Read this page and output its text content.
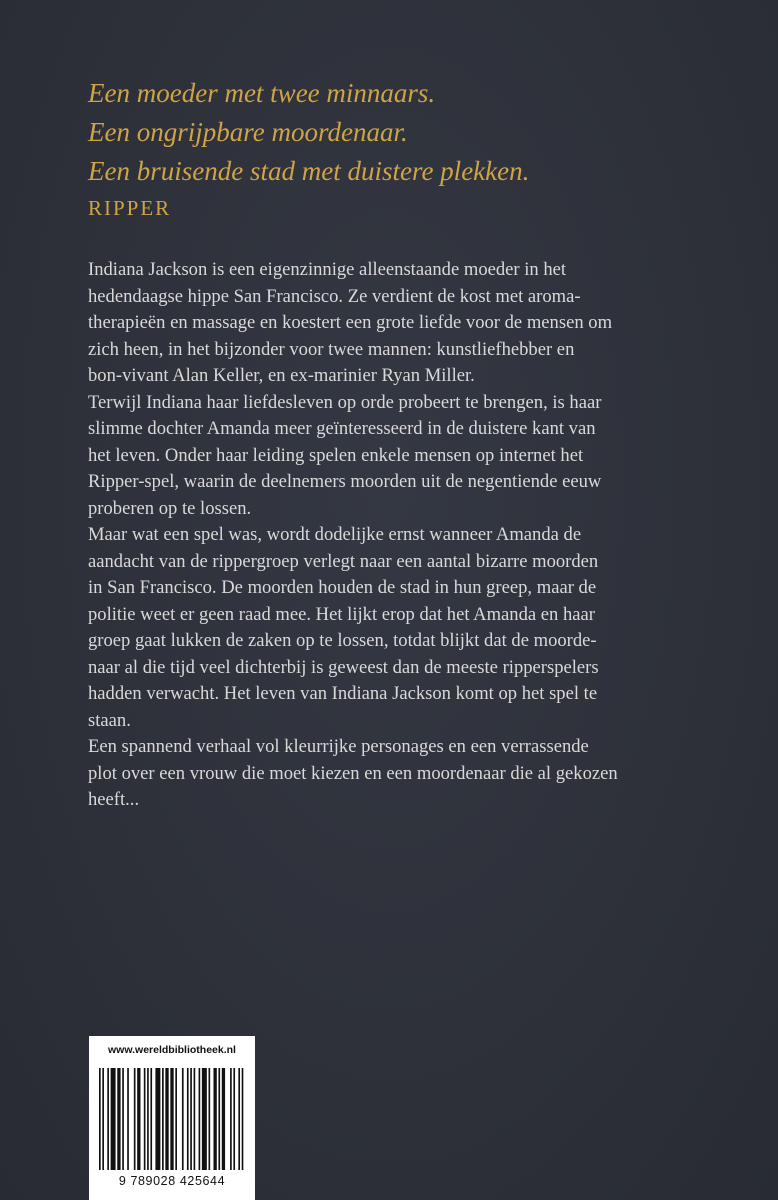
Een moeder met twee minnaars.
Een ongrijpbare moordenaar.
Een bruisende stad met duistere plekken.
RIPPER

Indiana Jackson is een eigenzinnige alleenstaande moeder in het
hedendaagse hippe San Francisco. Ze verdient de kost met aroma-
therapieën en massage en koestert een grote liefde voor de mensen om
zich heen, in het bijzonder voor twee mannen: kunstliefhebber en
bon-vivant Alan Keller, en ex-marinier Ryan Miller.

Terwijl Indiana haar liefdesleven op orde probeert te brengen, is haar
slimme dochter Amanda meer geïnteresseerd in de duistere kant van
het leven. Onder haar leiding spelen enkele mensen op internet het
Ripper-spel, waarin de deelnemers moorden uit de negentiende eeuw
proberen op te lossen.

Maar wat een spel was, wordt dodelijke ernst wanneer Amanda de
aandacht van de rippergroep verlegt naar een aantal bizarre moorden
in San Francisco. De moorden houden de stad in hun greep, maar de
politie weet er geen raad mee. Het lijkt erop dat het Amanda en haar
groep gaat lukken de zaken op te lossen, totdat blijkt dat de moorde-
naar al die tijd veel dichterbij is geweest dan de meeste ripperspelers
hadden verwacht. Het leven van Indiana Jackson komt op het spel te
staan.

Een spannend verhaal vol kleurrijke personages en een verrassende
plot over een vrouw die moet kiezen en een moordenaar die al gekozen
heeft...

www.wereldbibliotheek.nl
9 789028 425644
